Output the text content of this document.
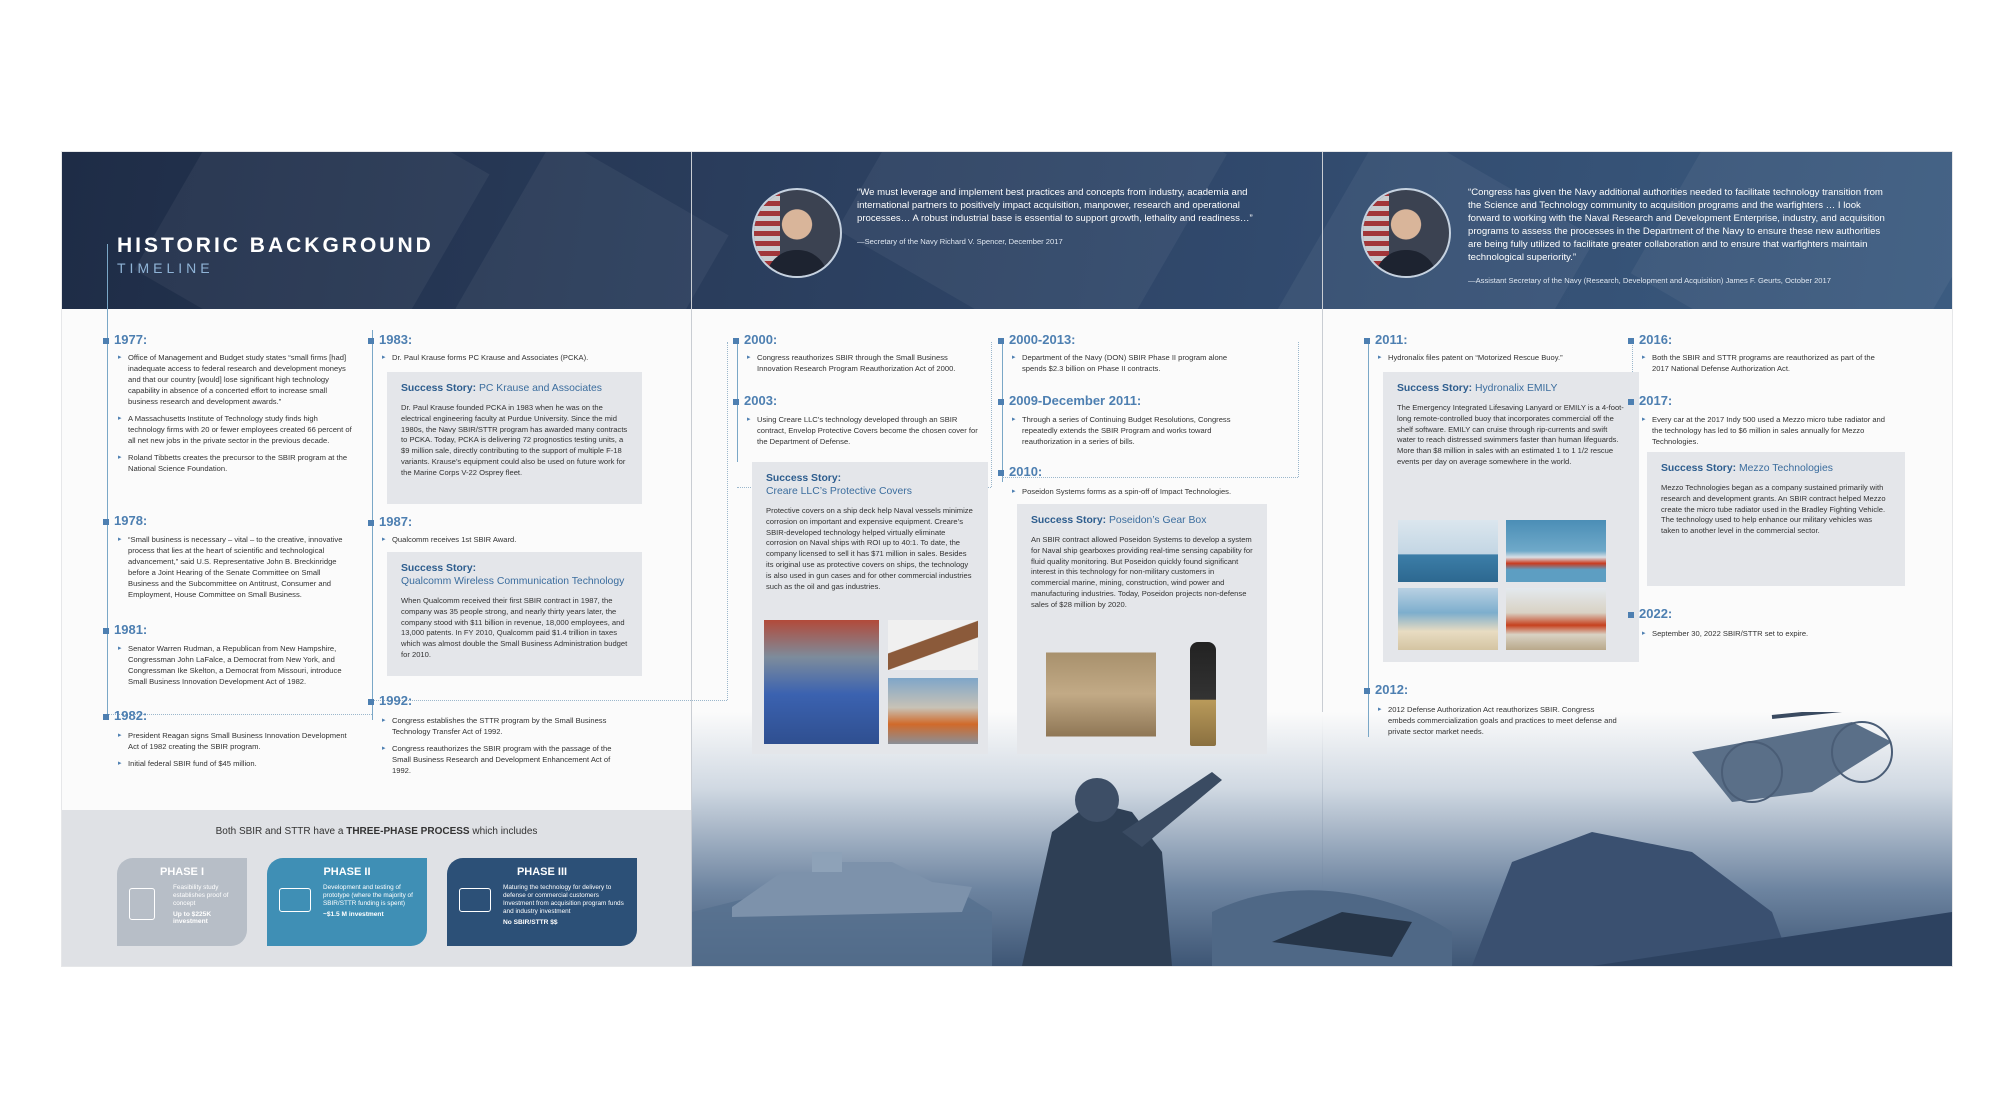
HISTORIC BACKGROUND
TIMELINE
“We must leverage and implement best practices and concepts from industry, academia and international partners to positively impact acquisition, manpower, research and operational processes… A robust industrial base is essential to support growth, lethality and readiness…”
—Secretary of the Navy Richard V. Spencer, December 2017
“Congress has given the Navy additional authorities needed to facilitate technology transition from the Science and Technology community to acquisition programs and the warfighters … I look forward to working with the Naval Research and Development Enterprise, industry, and acquisition programs to assess the processes in the Department of the Navy to ensure these new authorities are being fully utilized to facilitate greater collaboration and to ensure that warfighters maintain technological superiority.”
—Assistant Secretary of the Navy (Research, Development and Acquisition) James F. Geurts, October 2017
1977:
▸ Office of Management and Budget study states “small firms [had] inadequate access to federal research and development moneys and that our country [would] lose significant high technology capability in absence of a concerted effort to increase small business research and development awards.”
▸ A Massachusetts Institute of Technology study finds high technology firms with 20 or fewer employees created 66 percent of all net new jobs in the private sector in the previous decade.
▸ Roland Tibbetts creates the precursor to the SBIR program at the National Science Foundation.
1978:
▸ “Small business is necessary – vital – to the creative, innovative process that lies at the heart of scientific and technological advancement,” said U.S. Representative John B. Breckinridge before a Joint Hearing of the Senate Committee on Small Business and the Subcommittee on Antitrust, Consumer and Employment, House Committee on Small Business.
1981:
▸ Senator Warren Rudman, a Republican from New Hampshire, Congressman John LaFalce, a Democrat from New York, and Congressman Ike Skelton, a Democrat from Missouri, introduce Small Business Innovation Development Act of 1982.
1982:
▸ President Reagan signs Small Business Innovation Development Act of 1982 creating the SBIR program.
▸ Initial federal SBIR fund of $45 million.
1983:
▸ Dr. Paul Krause forms PC Krause and Associates (PCKA).
Success Story: PC Krause and Associates
Dr. Paul Krause founded PCKA in 1983 when he was on the electrical engineering faculty at Purdue University. Since the mid 1980s, the Navy SBIR/STTR program has awarded many contracts to PCKA. Today, PCKA is delivering 72 prognostics testing units, a $9 million sale, directly contributing to the support of multiple F-18 variants. Krause’s equipment could also be used on future work for the Marine Corps V-22 Osprey fleet.
1987:
▸ Qualcomm receives 1st SBIR Award.
Success Story:
Qualcomm Wireless Communication Technology
When Qualcomm received their first SBIR contract in 1987, the company was 35 people strong, and nearly thirty years later, the company stood with $11 billion in revenue, 18,000 employees, and 13,000 patents. In FY 2010, Qualcomm paid $1.4 trillion in taxes which was almost double the Small Business Administration budget for 2010.
1992:
▸ Congress establishes the STTR program by the Small Business Technology Transfer Act of 1992.
▸ Congress reauthorizes the SBIR program with the passage of the Small Business Research and Development Enhancement Act of 1992.
Both SBIR and STTR have a THREE-PHASE PROCESS which includes
PHASE I
Feasibility study establishes proof of concept
Up to $225K investment
PHASE II
Development and testing of prototype (where the majority of SBIR/STTR funding is spent)
~$1.5 M investment
PHASE III
Maturing the technology for delivery to defense or commercial customers Investment from acquisition program funds and industry investment
No SBIR/STTR $$
2000:
▸ Congress reauthorizes SBIR through the Small Business Innovation Research Program Reauthorization Act of 2000.
2003:
▸ Using Creare LLC’s technology developed through an SBIR contract, Envelop Protective Covers become the chosen cover for the Department of Defense.
Success Story:
Creare LLC’s Protective Covers
Protective covers on a ship deck help Naval vessels minimize corrosion on important and expensive equipment. Creare’s SBIR-developed technology helped virtually eliminate corrosion on Naval ships with ROI up to 40:1. To date, the company licensed to sell it has $71 million in sales. Besides its original use as protective covers on ships, the technology is also used in gun cases and for other commercial industries such as the oil and gas industries.
2000-2013:
▸ Department of the Navy (DON) SBIR Phase II program alone spends $2.3 billion on Phase II contracts.
2009-December 2011:
▸ Through a series of Continuing Budget Resolutions, Congress repeatedly extends the SBIR Program and works toward reauthorization in a series of bills.
2010:
▸ Poseidon Systems forms as a spin-off of Impact Technologies.
Success Story: Poseidon’s Gear Box
An SBIR contract allowed Poseidon Systems to develop a system for Naval ship gearboxes providing real-time sensing capability for fluid quality monitoring. But Poseidon quickly found significant interest in this technology for non-military customers in commercial marine, mining, construction, wind power and manufacturing industries. Today, Poseidon projects non-defense sales of $28 million by 2020.
2011:
▸ Hydronalix files patent on “Motorized Rescue Buoy.”
Success Story: Hydronalix EMILY
The Emergency Integrated Lifesaving Lanyard or EMILY is a 4-foot-long remote-controlled buoy that incorporates commercial off the shelf software. EMILY can cruise through rip-currents and swift water to reach distressed swimmers faster than human lifeguards. More than $8 million in sales with an estimated 1 to 1 1/2 rescue events per day on average somewhere in the world.
2012:
▸ 2012 Defense Authorization Act reauthorizes SBIR. Congress embeds commercialization goals and practices to meet defense and private sector market needs.
2016:
▸ Both the SBIR and STTR programs are reauthorized as part of the 2017 National Defense Authorization Act.
2017:
▸ Every car at the 2017 Indy 500 used a Mezzo micro tube radiator and the technology has led to $6 million in sales annually for Mezzo Technologies.
Success Story: Mezzo Technologies
Mezzo Technologies began as a company sustained primarily with research and development grants. An SBIR contract helped Mezzo create the micro tube radiator used in the Bradley Fighting Vehicle. The technology used to help enhance our military vehicles was taken to another level in the commercial sector.
2022:
▸ September 30, 2022 SBIR/STTR set to expire.
